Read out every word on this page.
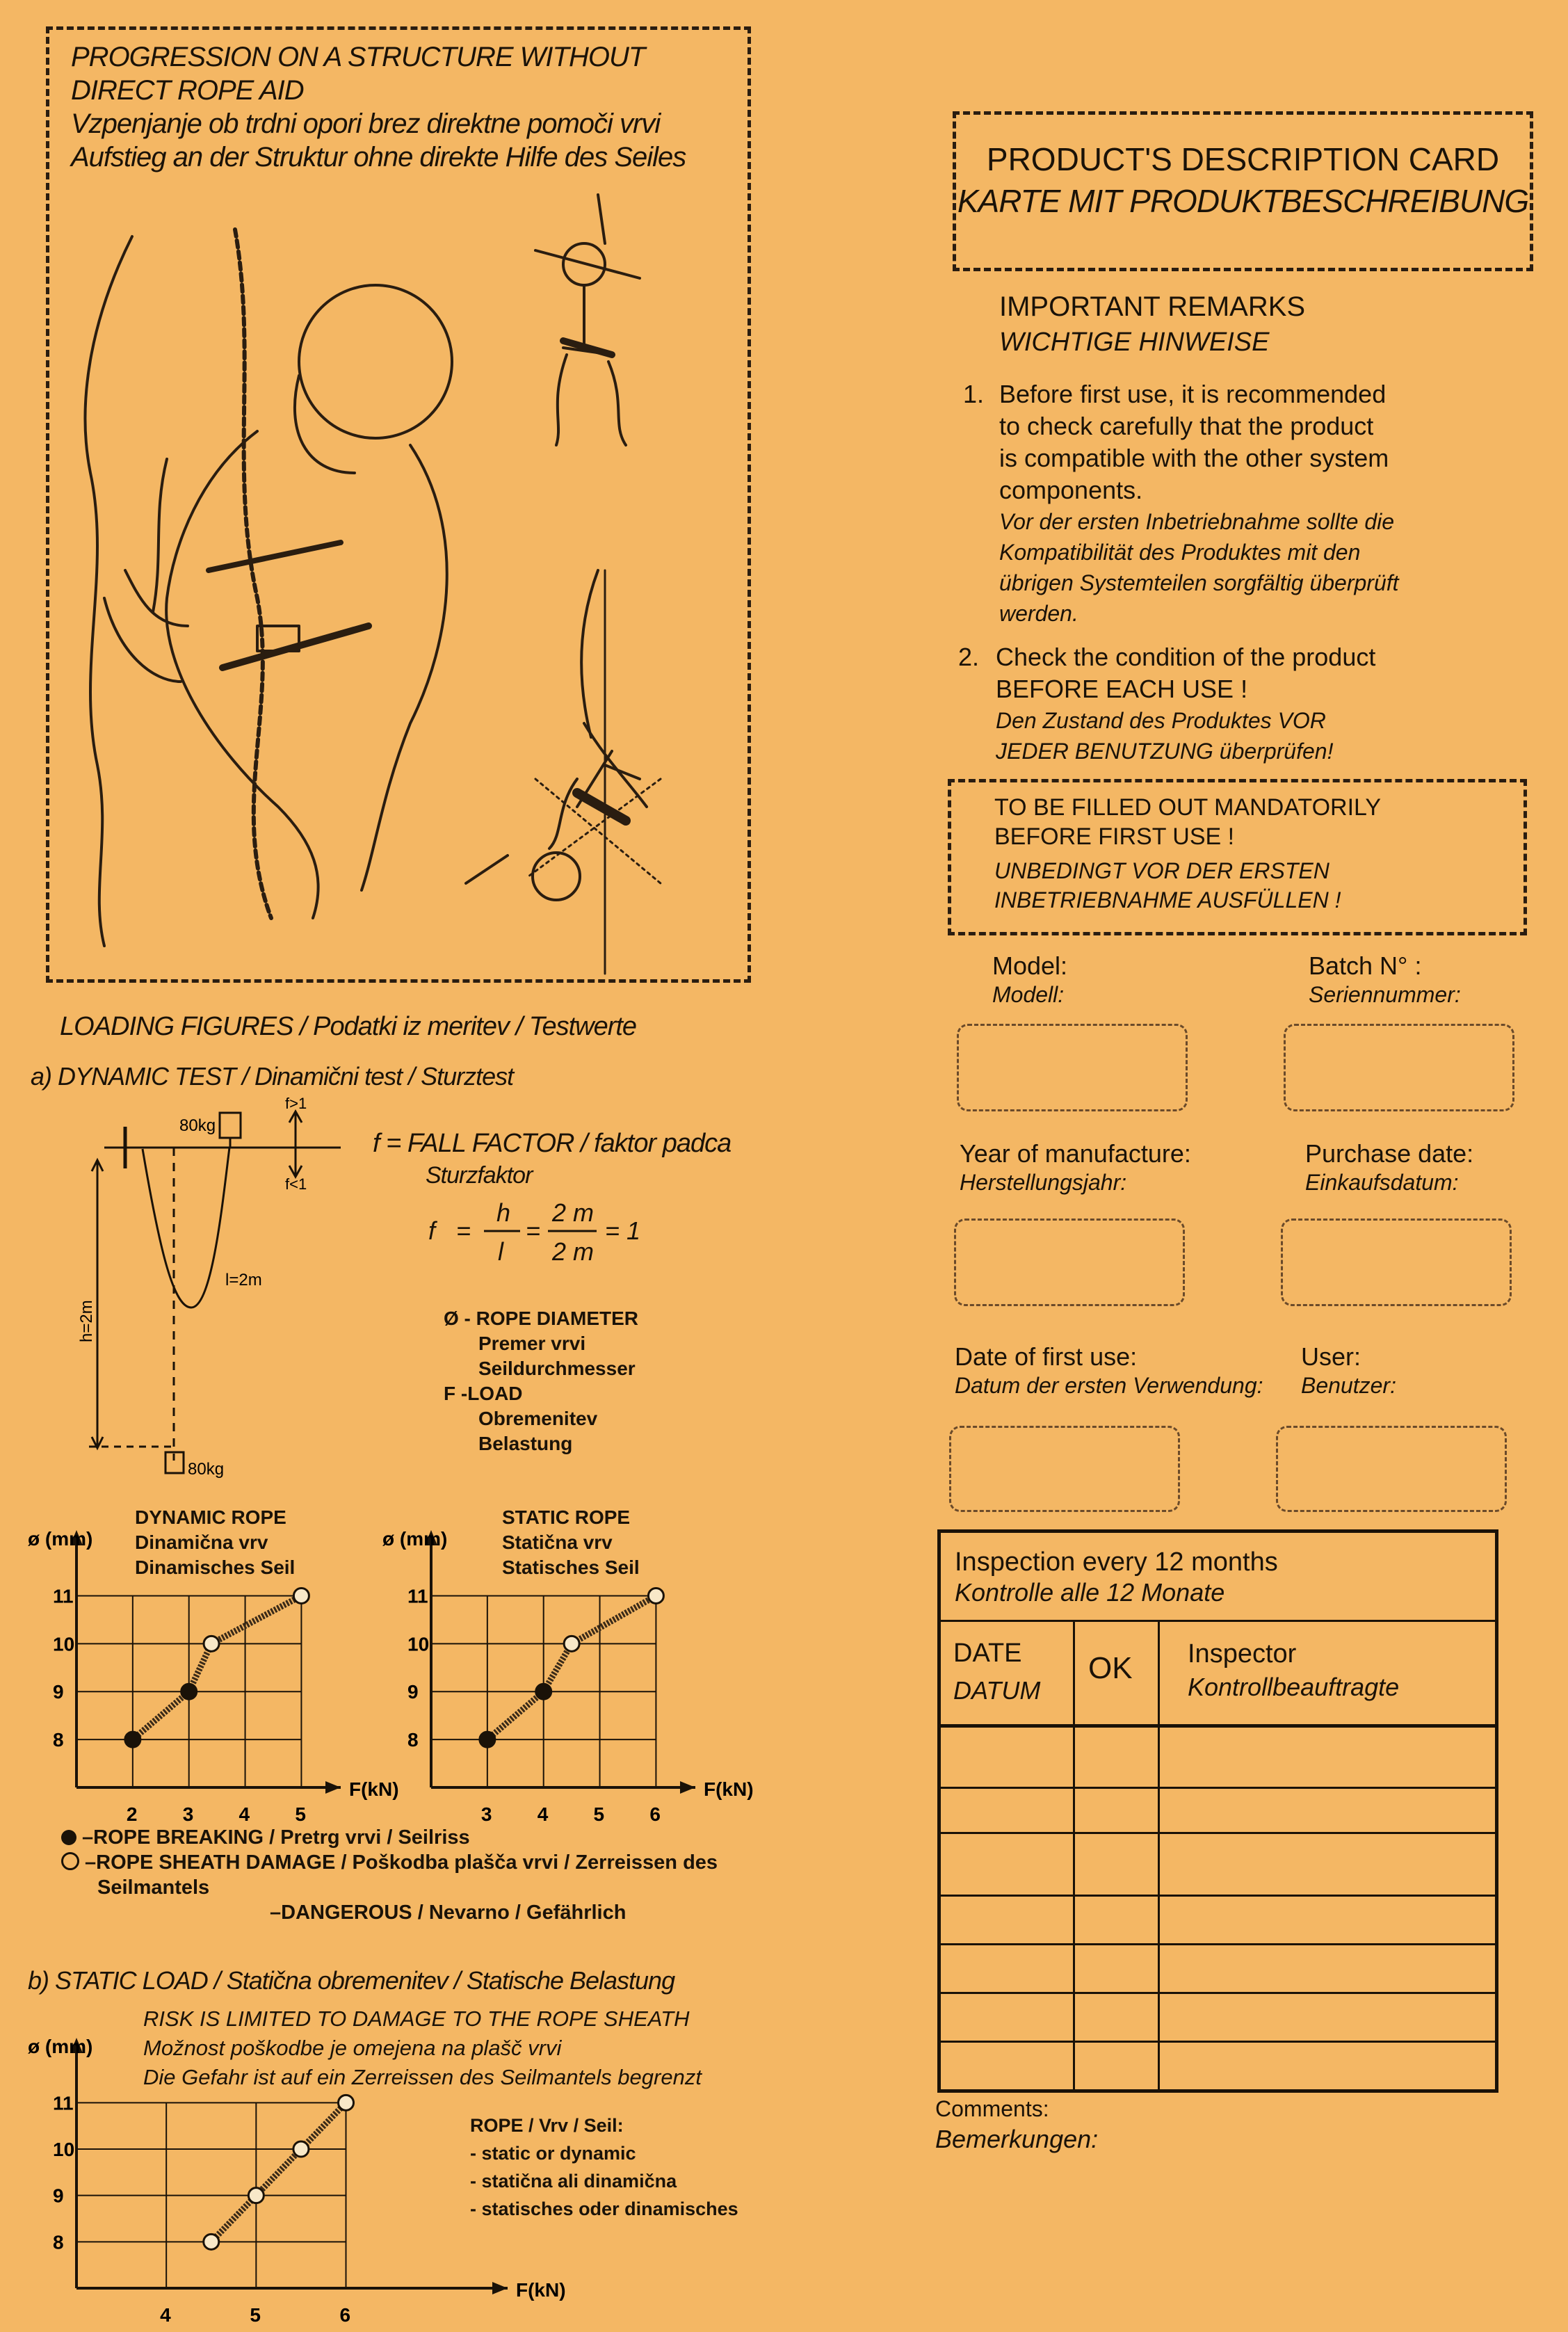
PROGRESSION ON A STRUCTURE WITHOUT DIRECT ROPE AID
Vzpenjanje ob trdni opori brez direktne pomoči vrvi
Aufstieg an der Struktur ohne direkte Hilfe des Seiles
LOADING FIGURES / Podatki iz meritev / Testwerte
a) DYNAMIC TEST / Dinamični test / Sturztest
80kg
f>1
f<1
l=2m
h=2m
80kg
f = FALL FACTOR / faktor padca
Sturzfaktor
f =
h
l
=
2 m
2 m
= 1
Ø - ROPE DIAMETER
Premer vrvi
Seildurchmesser
F -LOAD
Obremenitev
Belastung
DYNAMIC ROPE
Dinamična vrv
Dinamisches Seil
ø (mm)
F(kN)
8
9
10
11
2 3 4 5
STATIC ROPE
Statična vrv
Statisches Seil
ø (mm)
F(kN)
8
9
10
11
3 4 5 6
–ROPE BREAKING / Pretrg vrvi / Seilriss
–ROPE SHEATH DAMAGE / Poškodba plašča vrvi / Zerreissen des Seilmantels
–DANGEROUS / Nevarno / Gefährlich
b) STATIC LOAD / Statična obremenitev / Statische Belastung
RISK IS LIMITED TO DAMAGE TO THE ROPE SHEATH
Možnost poškodbe je omejena na plašč vrvi
Die Gefahr ist auf ein Zerreissen des Seilmantels begrenzt
ø (mm)
F(kN)
8
9
10
11
4	5	6
ROPE / Vrv / Seil:
- static or dynamic
- statična ali dinamična
- statisches oder dinamisches
PRODUCT'S DESCRIPTION CARD
KARTE MIT PRODUKTBESCHREIBUNG
IMPORTANT REMARKS
WICHTIGE HINWEISE
1. Before first use, it is recommended
to check carefully that the product
is compatible with the other system
components.
Vor der ersten Inbetriebnahme sollte die
Kompatibilität des Produktes mit den
übrigen Systemteilen sorgfältig überprüft
werden.
2. Check the condition of the product
BEFORE EACH USE !
Den Zustand des Produktes VOR
JEDER BENUTZUNG überprüfen!
TO BE FILLED OUT MANDATORILY
BEFORE FIRST USE !
UNBEDINGT VOR DER ERSTEN
INBETRIEBNAHME AUSFÜLLEN !
Model:
Modell:
Batch N° :
Seriennummer:
Year of manufacture:
Herstellungsjahr:
Purchase date:
Einkaufsdatum:
Date of first use:
Datum der ersten Verwendung:
User:
Benutzer:
Inspection every 12 months
Kontrolle alle 12 Monate
DATE
DATUM
OK Inspector
Kontrollbeauftragte
Comments:
Bemerkungen:
